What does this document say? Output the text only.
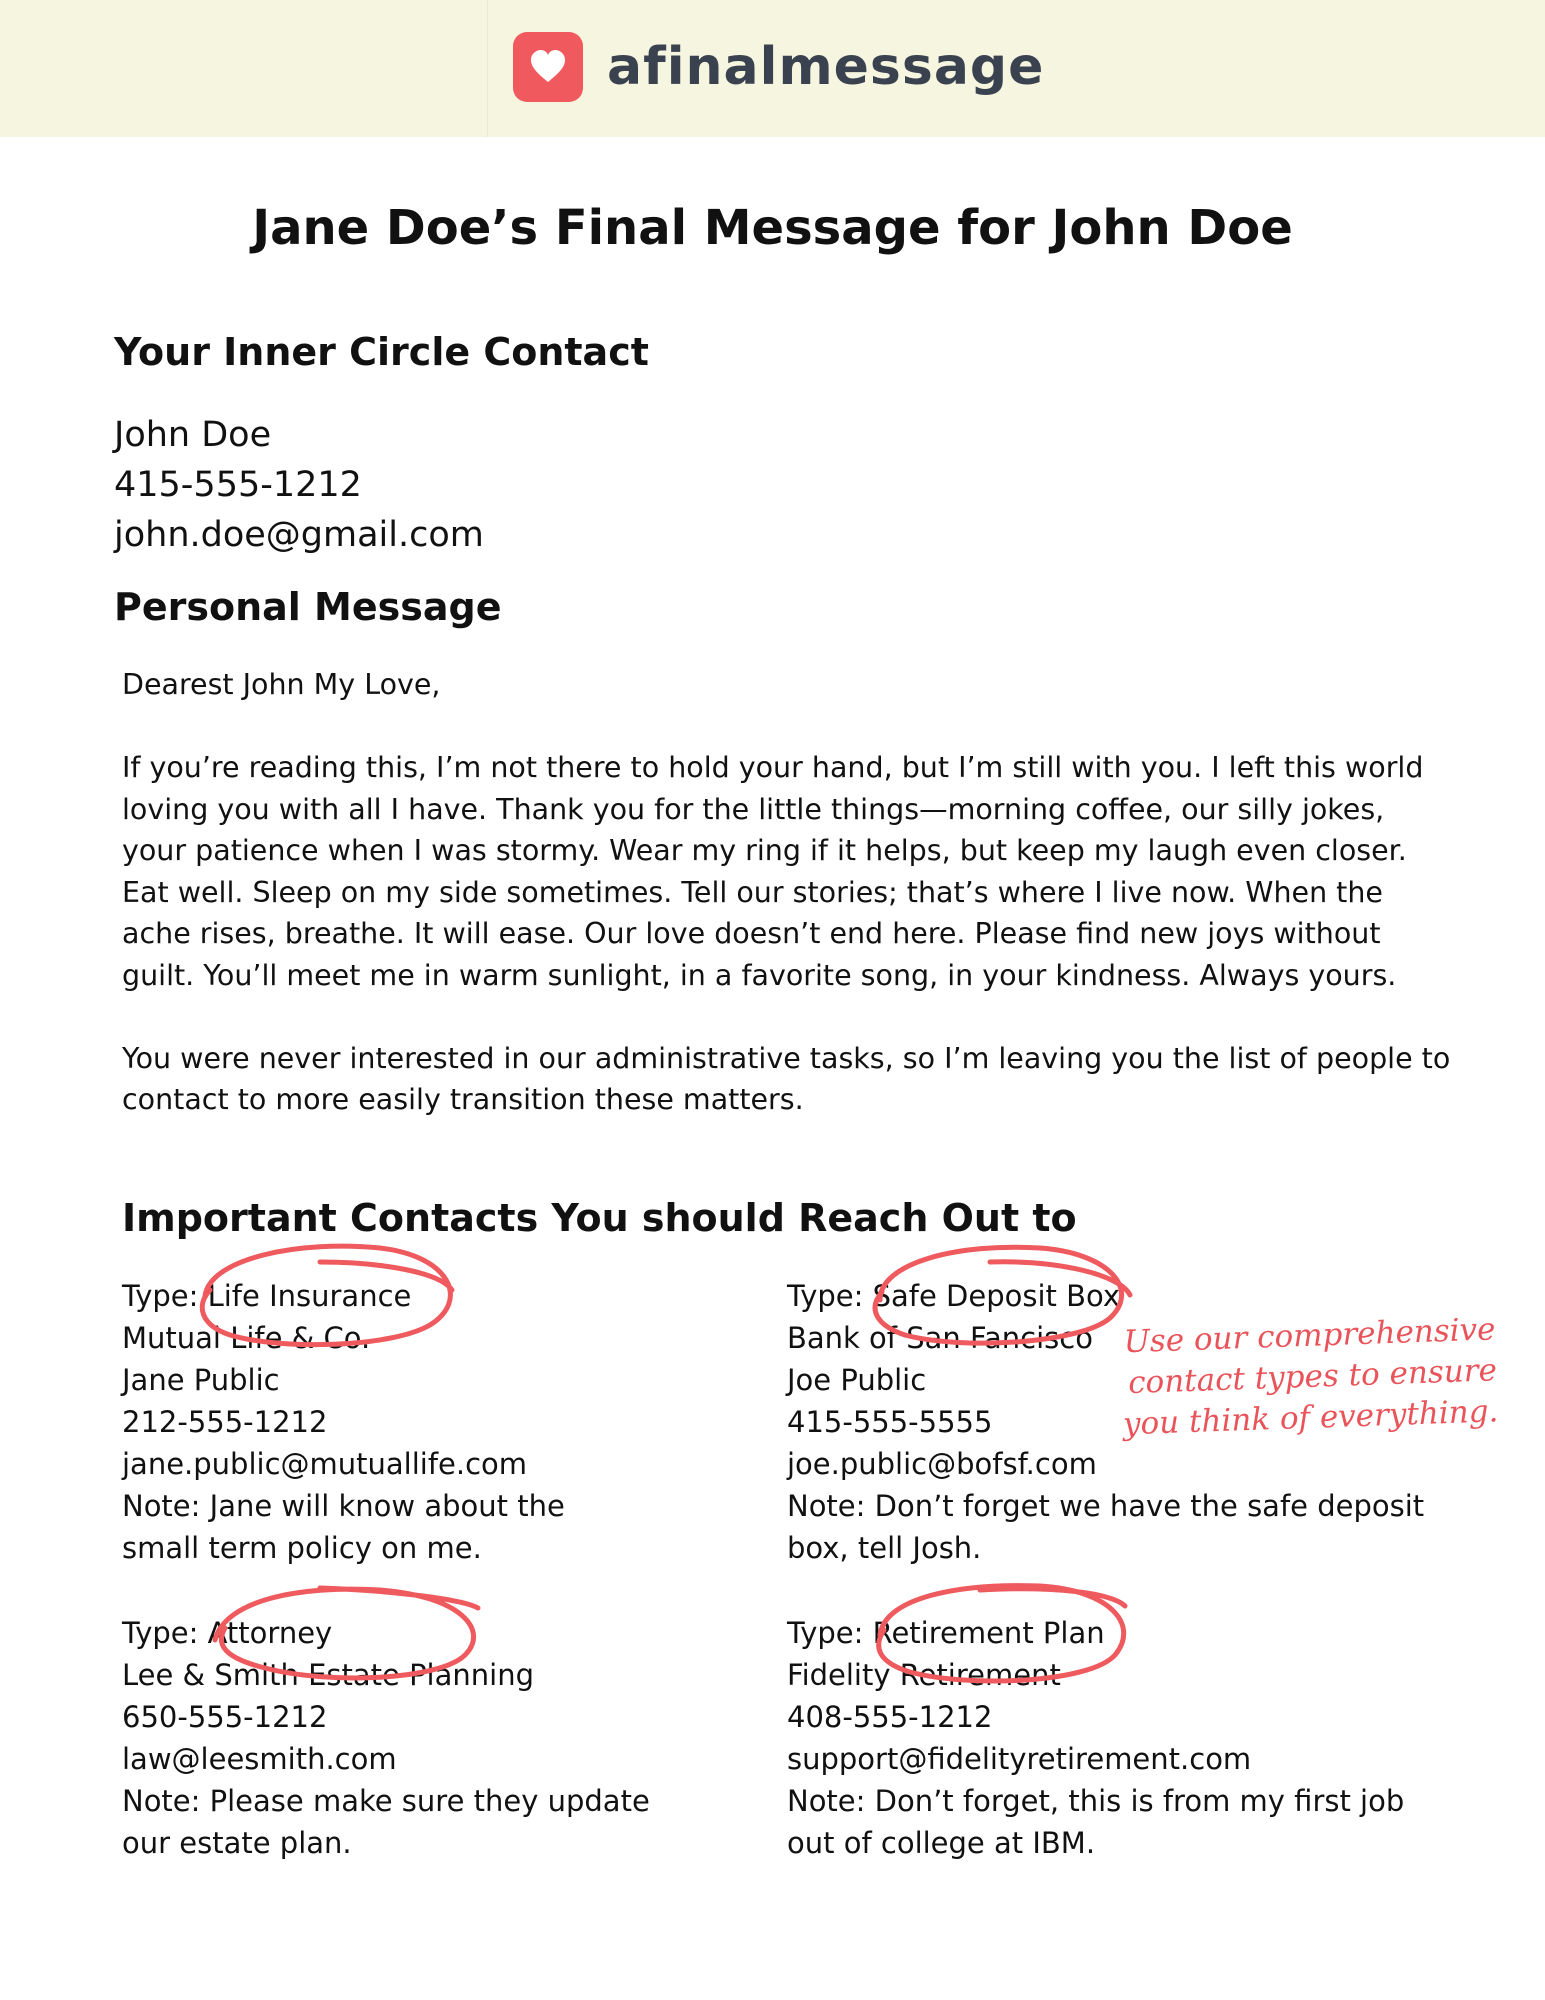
afinalmessage
Jane Doe’s Final Message for John Doe
Your Inner Circle Contact
John Doe
415-555-1212
john.doe@gmail.com
Personal Message

Dearest John My Love,

If you’re reading this, I’m not there to hold your hand, but I’m still with you. I left this world loving you with all I have. Thank you for the little things—morning coffee, our silly jokes, your patience when I was stormy. Wear my ring if it helps, but keep my laugh even closer. Eat well. Sleep on my side sometimes. Tell our stories; that’s where I live now. When the ache rises, breathe. It will ease. Our love doesn’t end here. Please find new joys without guilt. You’ll meet me in warm sunlight, in a favorite song, in your kindness. Always yours.

You were never interested in our administrative tasks, so I’m leaving you the list of people to contact to more easily transition these matters.

Important Contacts You should Reach Out to
Type: Life Insurance
Mutual Life & Co.
Jane Public
212-555-1212
jane.public@mutuallife.com
Note: Jane will know about the
small term policy on me.
Type: Safe Deposit Box
Bank of San Fancisco
Joe Public
415-555-5555
joe.public@bofsf.com
Note: Don’t forget we have the safe deposit
box, tell Josh.
Type: Attorney
Lee & Smith Estate Planning
650-555-1212
law@leesmith.com
Note: Please make sure they update
our estate plan.
Type: Retirement Plan
Fidelity Retirement
408-555-1212
support@fidelityretirement.com
Note: Don’t forget, this is from my first job
out of college at IBM.
Use our comprehensive
contact types to ensure
you think of everything.
